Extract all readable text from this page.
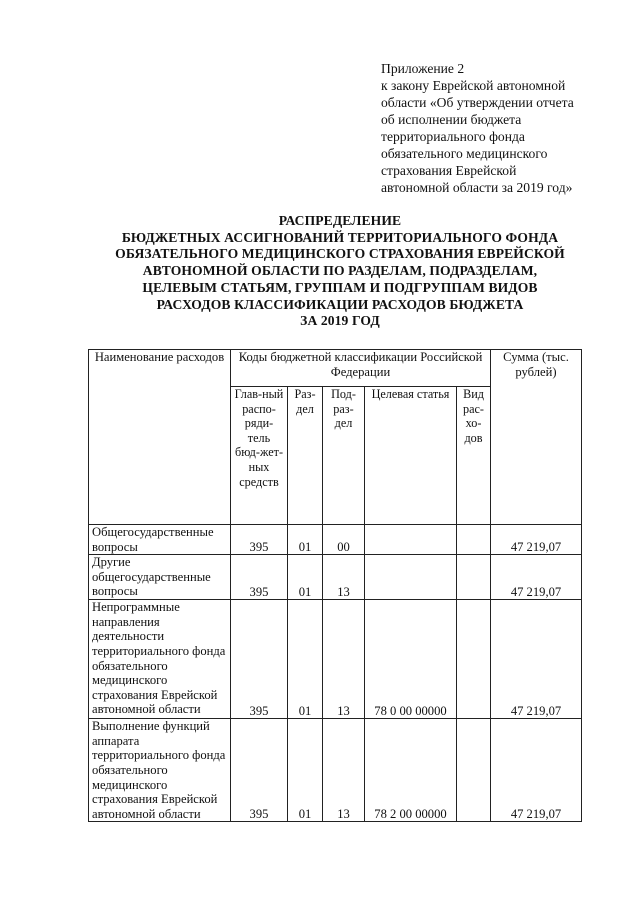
Приложение 2
к закону Еврейской автономной
области «Об утверждении отчета
об исполнении бюджета
территориального фонда
обязательного медицинского
страхования Еврейской
автономной области за 2019 год»
РАСПРЕДЕЛЕНИЕ
БЮДЖЕТНЫХ АССИГНОВАНИЙ ТЕРРИТОРИАЛЬНОГО ФОНДА
ОБЯЗАТЕЛЬНОГО МЕДИЦИНСКОГО СТРАХОВАНИЯ ЕВРЕЙСКОЙ
АВТОНОМНОЙ ОБЛАСТИ ПО РАЗДЕЛАМ, ПОДРАЗДЕЛАМ,
ЦЕЛЕВЫМ СТАТЬЯМ, ГРУППАМ И ПОДГРУППАМ ВИДОВ
РАСХОДОВ КЛАССИФИКАЦИИ РАСХОДОВ БЮДЖЕТА
ЗА 2019 ГОД
Наименование расходов	Коды бюджетной классификации Российской Федерации					Сумма (тыс. рублей)
	Глав-ный распо-ряди-тель бюд-жет-ных средств	Раз-дел	Под-раз-дел	Целевая статья	Вид рас-хо-дов	
Общегосударственные вопросы	395	01	00			47 219,07
Другие общегосударственные вопросы	395	01	13			47 219,07
Непрограммные направления деятельности территориального фонда обязательного медицинского страхования Еврейской автономной области	395	01	13	78 0 00 00000		47 219,07
Выполнение функций аппарата территориального фонда обязательного медицинского страхования Еврейской автономной области	395	01	13	78 2 00 00000		47 219,07
